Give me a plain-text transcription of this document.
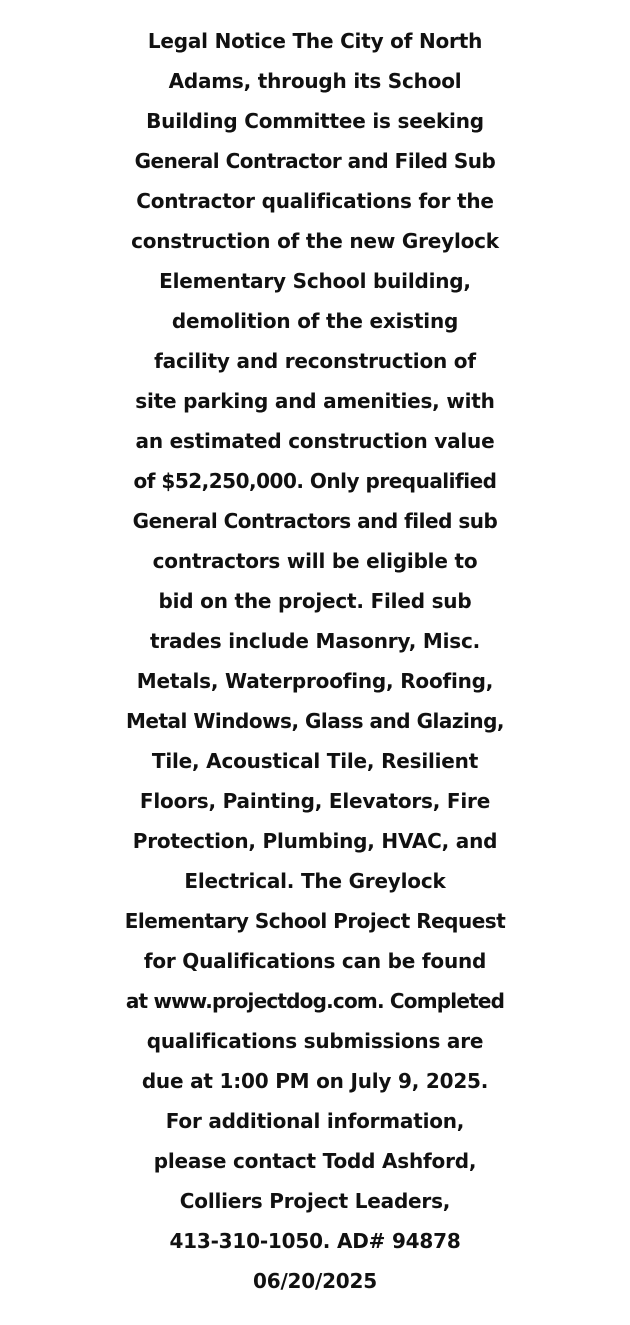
Legal Notice The City of North
Adams, through its School
Building Committee is seeking
General Contractor and Filed Sub
Contractor qualifications for the
construction of the new Greylock
Elementary School building,
demolition of the existing
facility and reconstruction of
site parking and amenities, with
an estimated construction value
of $52,250,000. Only prequalified
General Contractors and filed sub
contractors will be eligible to
bid on the project. Filed sub
trades include Masonry, Misc.
Metals, Waterproofing, Roofing,
Metal Windows, Glass and Glazing,
Tile, Acoustical Tile, Resilient
Floors, Painting, Elevators, Fire
Protection, Plumbing, HVAC, and
Electrical. The Greylock
Elementary School Project Request
for Qualifications can be found
at www.projectdog.com. Completed
qualifications submissions are
due at 1:00 PM on July 9, 2025.
For additional information,
please contact Todd Ashford,
Colliers Project Leaders,
413-310-1050. AD# 94878
06/20/2025
